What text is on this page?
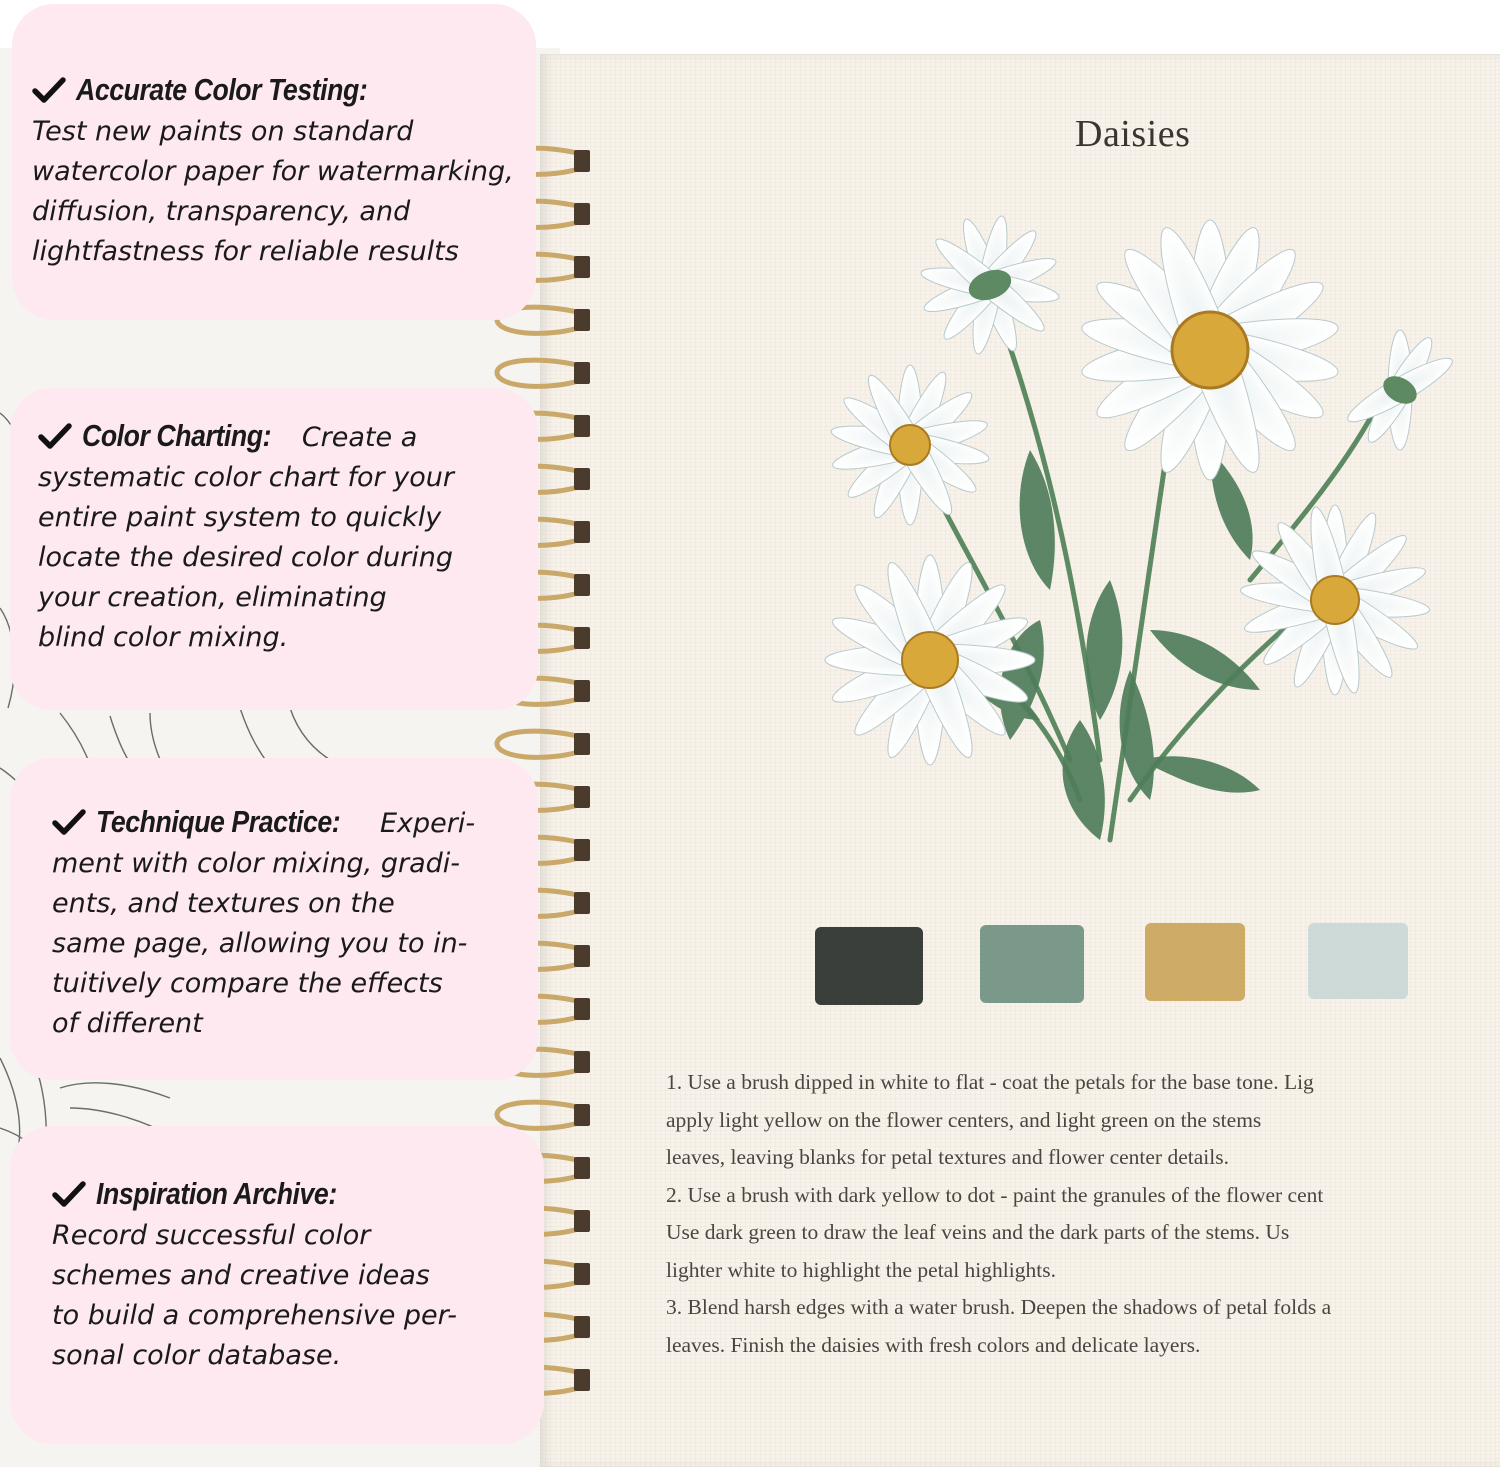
Daisies

1. Use a brush dipped in white to flat - coat the petals for the base tone. Lig

apply light yellow on the flower centers, and light green on the stems

leaves, leaving blanks for petal textures and flower center details.

2. Use a brush with dark yellow to dot - paint the granules of the flower cent

Use dark green to draw the leaf veins and the dark parts of the stems. Us

lighter white to highlight the petal highlights.

3. Blend harsh edges with a water brush. Deepen the shadows of petal folds a

leaves. Finish the daisies with fresh colors and delicate layers.

Accurate Color Testing:
Test new paints on standard
watercolor paper for watermarking,
diffusion, transparency, and
lightfastness for reliable results
Color Charting: Create a
systematic color chart for your
entire paint system to quickly
locate the desired color during
your creation, eliminating
blind color mixing.
Technique Practice: Experi-
ment with color mixing, gradi-
ents, and textures on the
same page, allowing you to in-
tuitively compare the effects
of different
Inspiration Archive:
Record successful color
schemes and creative ideas
to build a comprehensive per-
sonal color database.
